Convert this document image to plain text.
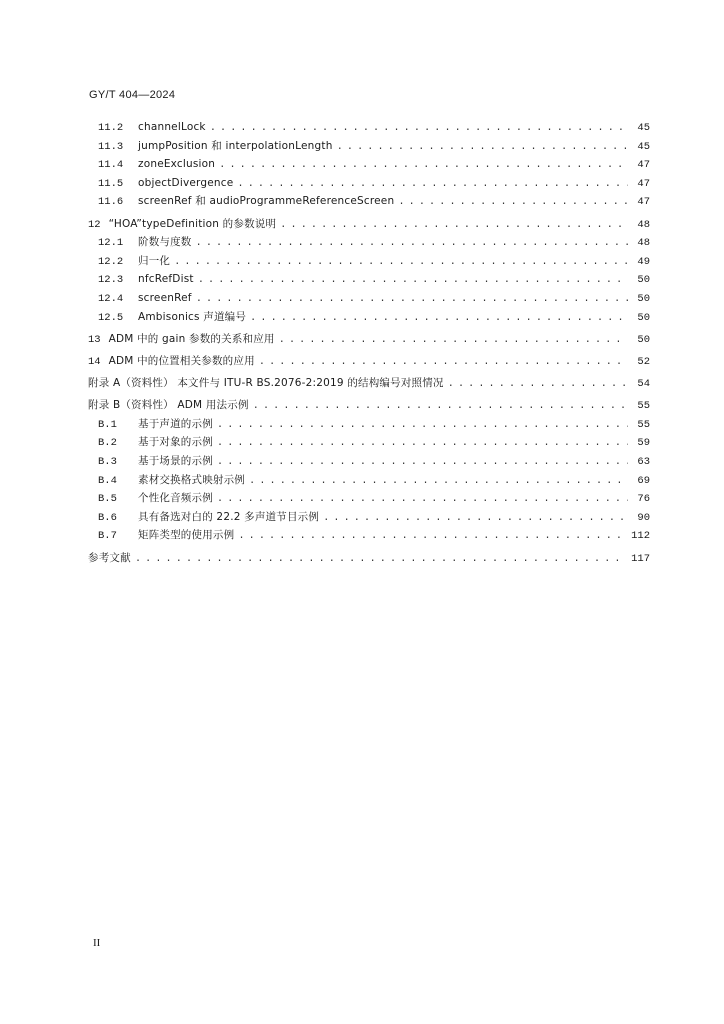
GY/T 404—2024
11.2	channelLock . . .	45
11.3	jumpPosition 和 interpolationLength . . .	45
11.4	zoneExclusion . . .	47
11.5	objectDivergence . . .	47
11.6	screenRef 和 audioProgrammeReferenceScreen . . .	47
12 “HOA”typeDefinition 的参数说明 . . .	48
12.1	阶数与度数 . . .	48
12.2	归一化 . . .	49
12.3	nfcRefDist . . .	50
12.4	screenRef . . .	50
12.5	Ambisonics 声道编号 . . .	50
13 ADM 中的 gain 参数的关系和应用 . . .	50
14 ADM 中的位置相关参数的应用 . . .	52
附录 A（资料性） 本文件与 ITU-R BS.2076-2:2019 的结构编号对照情况 . . .	54
附录 B（资料性） ADM 用法示例 . . .	55
B.1	基于声道的示例 . . .	55
B.2	基于对象的示例 . . .	59
B.3	基于场景的示例 . . .	63
B.4	素材交换格式映射示例 . . .	69
B.5	个性化音频示例 . . .	76
B.6	具有备选对白的 22.2 多声道节目示例 . . .	90
B.7	矩阵类型的使用示例 . . .	112
参考文献 . . .	117
II
